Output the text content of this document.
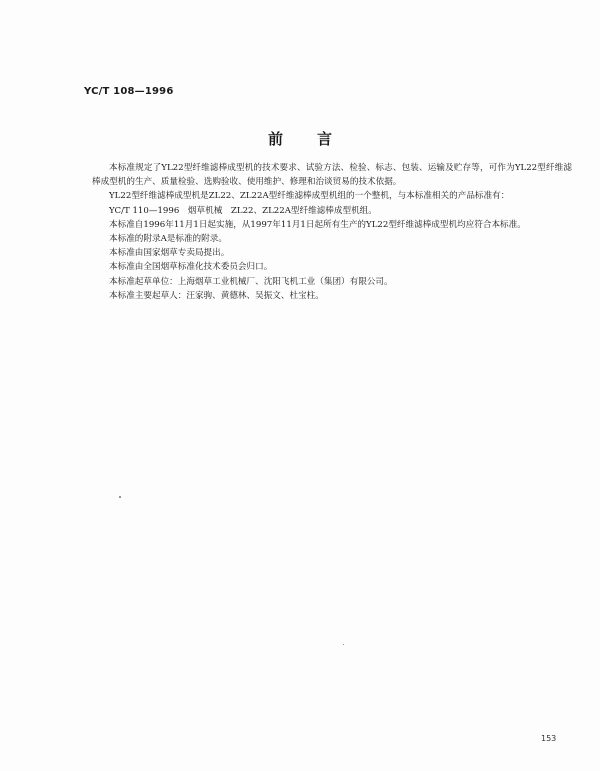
YC/T 108—1996
前言

本标准规定了YL22型纤维滤棒成型机的技术要求、试验方法、检验、标志、包装、运输及贮存等，可作为YL22型纤维滤棒成型机的生产、质量检验、选购验收、使用维护、修理和治谈贸易的技术依据。

YL22型纤维滤棒成型机是ZL22、ZL22A型纤维滤棒成型机组的一个整机，与本标准相关的产品标准有：

YC/T 110—1996　烟草机械　ZL22、ZL22A型纤维滤棒成型机组。

本标准自1996年11月1日起实施，从1997年11月1日起所有生产的YL22型纤维滤棒成型机均应符合本标准。

本标准的附录A是标准的附录。

本标准由国家烟草专卖局提出。

本标准由全国烟草标准化技术委员会归口。

本标准起草单位：上海烟草工业机械厂、沈阳飞机工业（集团）有限公司。

本标准主要起草人：汪家驹、黄德林、吴振文、杜宝柱。

153
